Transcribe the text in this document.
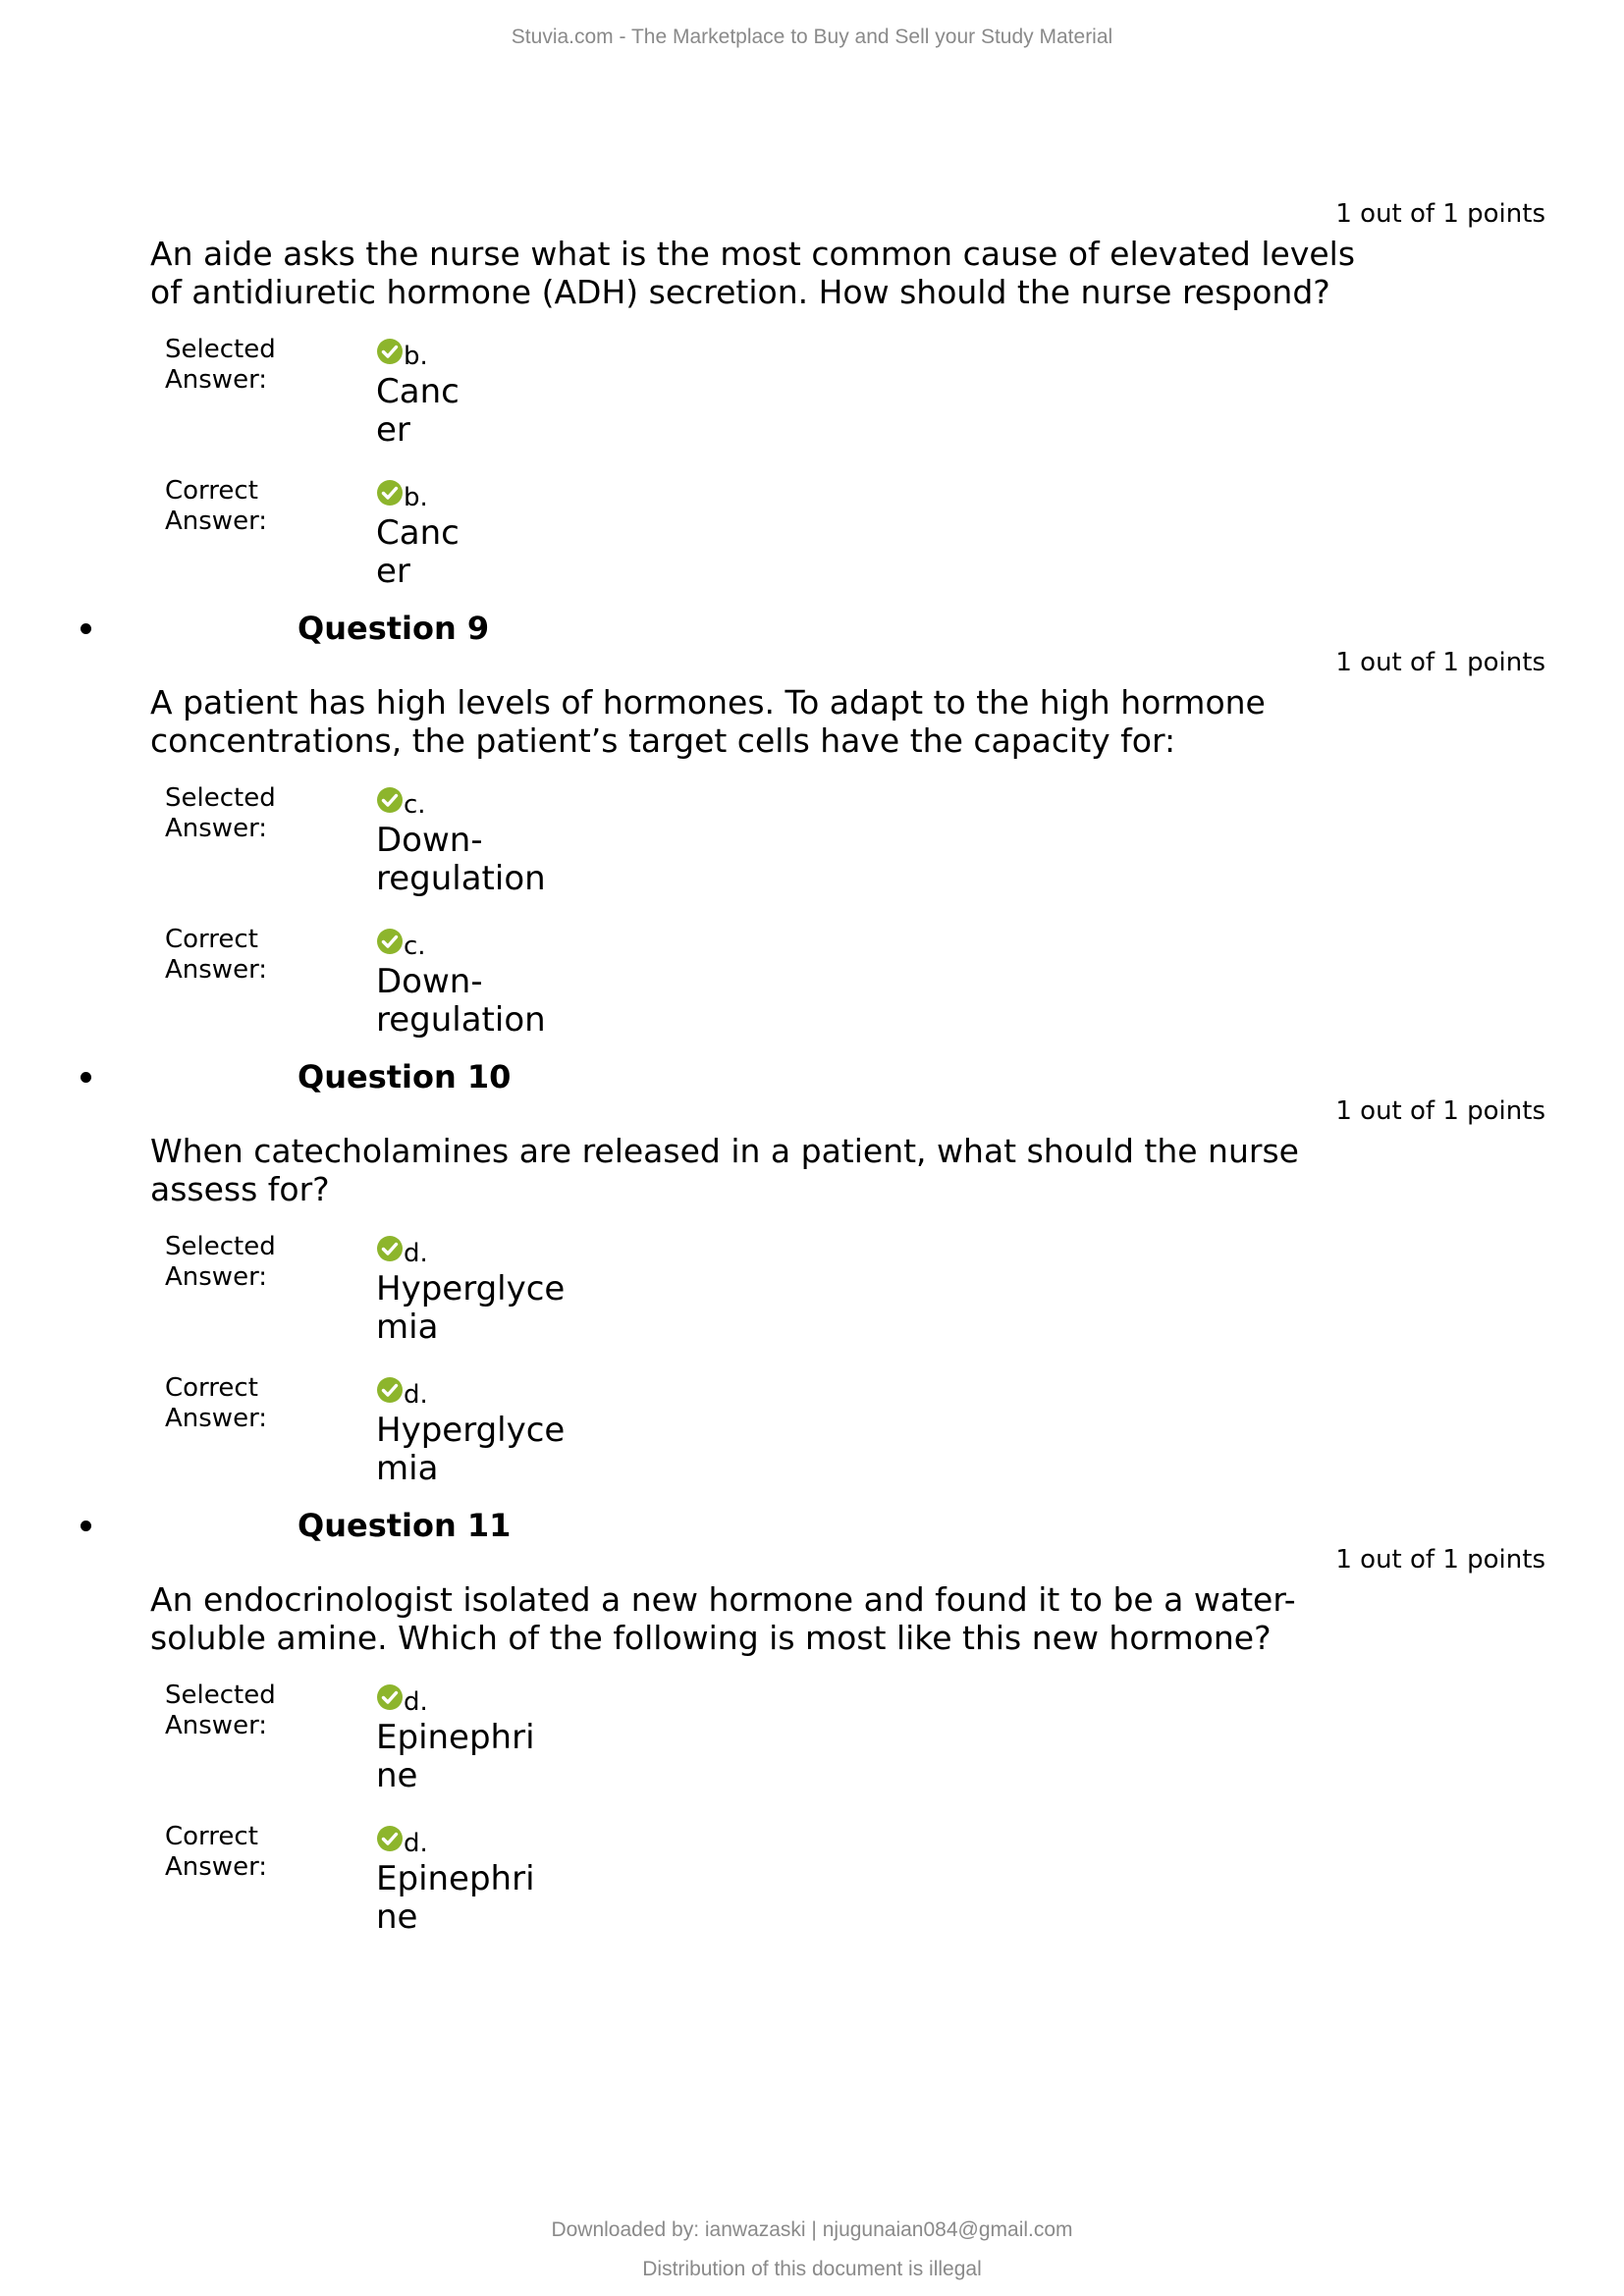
Stuvia.com - The Marketplace to Buy and Sell your Study Material
1 out of 1 points
An aide asks the nurse what is the most common cause of elevated levels of antidiuretic hormone (ADH) secretion. How should the nurse respond?
Selected
Answer:
b.
Canc
er
Correct
Answer:
b.
Canc
er
Question 9
1 out of 1 points
A patient has high levels of hormones. To adapt to the high hormone concentrations, the patient’s target cells have the capacity for:
Selected
Answer:
c.
Down-
regulation
Correct
Answer:
c.
Down-
regulation
Question 10
1 out of 1 points
When catecholamines are released in a patient, what should the nurse assess for?
Selected
Answer:
d.
Hyperglyce
mia
Correct
Answer:
d.
Hyperglyce
mia
Question 11
1 out of 1 points
An endocrinologist isolated a new hormone and found it to be a water-soluble amine. Which of the following is most like this new hormone?
Selected
Answer:
d.
Epinephri
ne
Correct
Answer:
d.
Epinephri
ne
Downloaded by: ianwazaski | njugunaian084@gmail.com
Distribution of this document is illegal
